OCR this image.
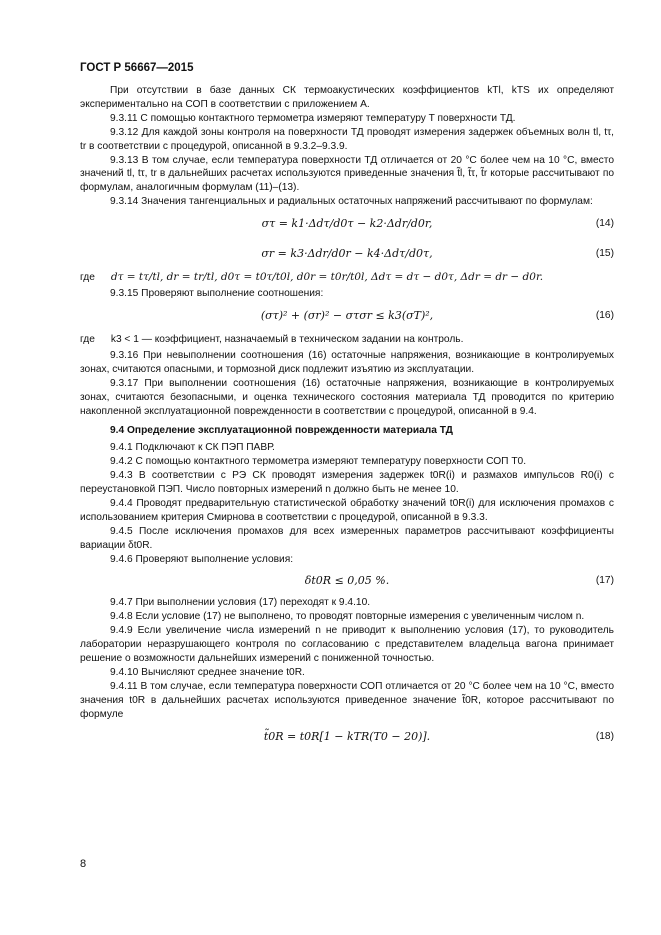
ГОСТ Р 56667—2015

При отсутствии в базе данных СК термоакустических коэффициентов kTl, kTS их определяют экспериментально на СОП в соответствии с приложением А.

9.3.11 С помощью контактного термометра измеряют температуру T поверхности ТД.

9.3.12 Для каждой зоны контроля на поверхности ТД проводят измерения задержек объемных волн tl, tτ, tr в соответствии с процедурой, описанной в 9.3.2–9.3.9.

9.3.13 В том случае, если температура поверхности ТД отличается от 20 °С более чем на 10 °С, вместо значений tl, tτ, tr в дальнейших расчетах используются приведенные значения t̃l, t̃τ, t̃r которые рассчитывают по формулам, аналогичным формулам (11)–(13).

9.3.14 Значения тангенциальных и радиальных остаточных напряжений рассчитывают по формулам:

στ = k1·Δdτ/d0τ − k2·Δdr/d0r,	(14)
σr = k3·Δdr/d0r − k4·Δdτ/d0τ,	(15)

где dτ = tτ/tl, dr = tr/tl, d0τ = t0τ/t0l, d0r = t0r/t0l, Δdτ = dτ − d0τ, Δdr = dr − d0r.

9.3.15 Проверяют выполнение соотношения:

(στ)² + (σr)² − στσr ≤ k3(σT)²,	(16)

где k3 < 1 — коэффициент, назначаемый в техническом задании на контроль.

9.3.16 При невыполнении соотношения (16) остаточные напряжения, возникающие в контролируемых зонах, считаются опасными, и тормозной диск подлежит изъятию из эксплуатации.

9.3.17 При выполнении соотношения (16) остаточные напряжения, возникающие в контролируемых зонах, считаются безопасными, и оценка технического состояния материала ТД проводится по критерию накопленной эксплуатационной поврежденности в соответствии с процедурой, описанной в 9.4.

9.4 Определение эксплуатационной поврежденности материала ТД

9.4.1 Подключают к СК ПЭП ПАВР.

9.4.2 С помощью контактного термометра измеряют температуру поверхности СОП T0.

9.4.3 В соответствии с РЭ СК проводят измерения задержек t0R(i) и размахов импульсов R0(i) с переустановкой ПЭП. Число повторных измерений n должно быть не менее 10.

9.4.4 Проводят предварительную статистической обработку значений t0R(i) для исключения промахов с использованием критерия Смирнова в соответствии с процедурой, описанной в 9.3.3.

9.4.5 После исключения промахов для всех измеренных параметров рассчитывают коэффициенты вариации δt0R.

9.4.6 Проверяют выполнение условия:

δt0R ≤ 0,05 %.	(17)

9.4.7 При выполнении условия (17) переходят к 9.4.10.

9.4.8 Если условие (17) не выполнено, то проводят повторные измерения с увеличенным числом n.

9.4.9 Если увеличение числа измерений n не приводит к выполнению условия (17), то руководитель лаборатории неразрушающего контроля по согласованию с представителем владельца вагона принимает решение о возможности дальнейших измерений с пониженной точностью.

9.4.10 Вычисляют среднее значение t0R.

9.4.11 В том случае, если температура поверхности СОП отличается от 20 °С более чем на 10 °С, вместо значения t0R в дальнейших расчетах используются приведенное значение t̃0R, которое рассчитывают по формуле

t̃0R = t0R[1 − kTR(T0 − 20)].	(18)
8
